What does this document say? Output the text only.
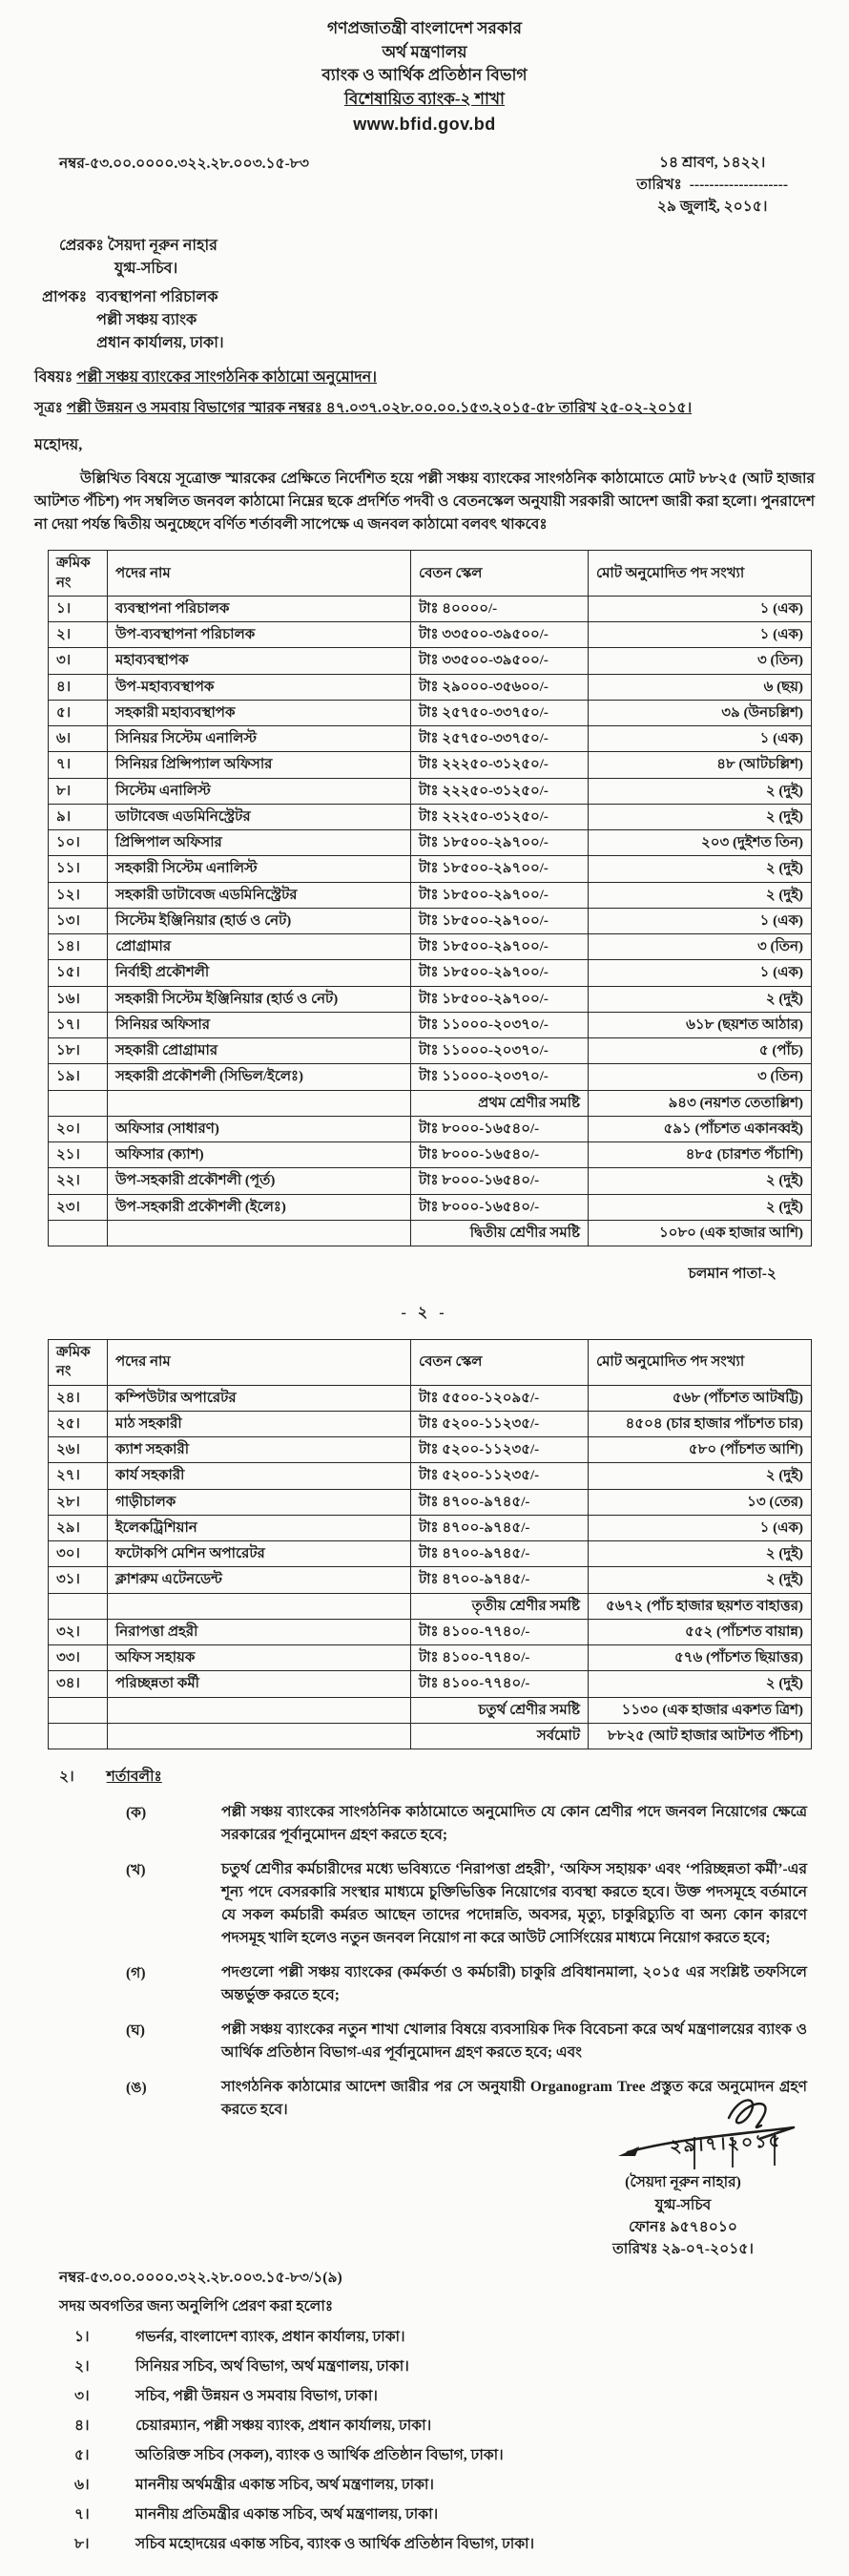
গণপ্রজাতন্ত্রী বাংলাদেশ সরকার
অর্থ মন্ত্রণালয়
ব্যাংক ও আর্থিক প্রতিষ্ঠান বিভাগ
বিশেষায়িত ব্যাংক-২ শাখা
www.bfid.gov.bd
নম্বর-৫৩.০০.০০০০.৩২২.২৮.০০৩.১৫-৮৩	১৪ শ্রাবণ, ১৪২২।
তারিখঃ --------------------
২৯ জুলাই, ২০১৫।
প্রেরকঃ সৈয়দা নূরুন নাহার
যুগ্ম-সচিব।
প্রাপকঃ ব্যবস্থাপনা পরিচালক
পল্লী সঞ্চয় ব্যাংক
প্রধান কার্যালয়, ঢাকা।
বিষয়ঃ পল্লী সঞ্চয় ব্যাংকের সাংগঠনিক কাঠামো অনুমোদন।
সূত্রঃ পল্লী উন্নয়ন ও সমবায় বিভাগের স্মারক নম্বরঃ ৪৭.০৩৭.০২৮.০০.০০.১৫৩.২০১৫-৫৮ তারিখ ২৫-০২-২০১৫।
মহোদয়,
উল্লিখিত বিষয়ে সূত্রোক্ত স্মারকের প্রেক্ষিতে নির্দেশিত হয়ে পল্লী সঞ্চয় ব্যাংকের সাংগঠনিক কাঠামোতে মোট ৮৮২৫ (আট হাজার আটশত পঁচিশ) পদ সম্বলিত জনবল কাঠামো নিম্নের ছকে প্রদর্শিত পদবী ও বেতনস্কেল অনুযায়ী সরকারী আদেশ জারী করা হলো। পুনরাদেশ না দেয়া পর্যন্ত দ্বিতীয় অনুচ্ছেদে বর্ণিত শর্তাবলী সাপেক্ষে এ জনবল কাঠামো বলবৎ থাকবেঃ
ক্রমিক নং	পদের নাম	বেতন স্কেল	মোট অনুমোদিত পদ সংখ্যা
১।	ব্যবস্থাপনা পরিচালক	টাঃ ৪০০০০/-	১ (এক)
২।	উপ-ব্যবস্থাপনা পরিচালক	টাঃ ৩৩৫০০-৩৯৫০০/-	১ (এক)
৩।	মহাব্যবস্থাপক	টাঃ ৩৩৫০০-৩৯৫০০/-	৩ (তিন)
৪।	উপ-মহাব্যবস্থাপক	টাঃ ২৯০০০-৩৫৬০০/-	৬ (ছয়)
৫।	সহকারী মহাব্যবস্থাপক	টাঃ ২৫৭৫০-৩৩৭৫০/-	৩৯ (উনচল্লিশ)
৬।	সিনিয়র সিস্টেম এনালিস্ট	টাঃ ২৫৭৫০-৩৩৭৫০/-	১ (এক)
৭।	সিনিয়র প্রিন্সিপ্যাল অফিসার	টাঃ ২২২৫০-৩১২৫০/-	৪৮ (আটচল্লিশ)
৮।	সিস্টেম এনালিস্ট	টাঃ ২২২৫০-৩১২৫০/-	২ (দুই)
৯।	ডাটাবেজ এডমিনিস্ট্রেটর	টাঃ ২২২৫০-৩১২৫০/-	২ (দুই)
১০।	প্রিন্সিপাল অফিসার	টাঃ ১৮৫০০-২৯৭০০/-	২০৩ (দুইশত তিন)
১১।	সহকারী সিস্টেম এনালিস্ট	টাঃ ১৮৫০০-২৯৭০০/-	২ (দুই)
১২।	সহকারী ডাটাবেজ এডমিনিস্ট্রেটর	টাঃ ১৮৫০০-২৯৭০০/-	২ (দুই)
১৩।	সিস্টেম ইঞ্জিনিয়ার (হার্ড ও নেট)	টাঃ ১৮৫০০-২৯৭০০/-	১ (এক)
১৪।	প্রোগ্রামার	টাঃ ১৮৫০০-২৯৭০০/-	৩ (তিন)
১৫।	নির্বাহী প্রকৌশলী	টাঃ ১৮৫০০-২৯৭০০/-	১ (এক)
১৬।	সহকারী সিস্টেম ইঞ্জিনিয়ার (হার্ড ও নেট)	টাঃ ১৮৫০০-২৯৭০০/-	২ (দুই)
১৭।	সিনিয়র অফিসার	টাঃ ১১০০০-২০৩৭০/-	৬১৮ (ছয়শত আঠার)
১৮।	সহকারী প্রোগ্রামার	টাঃ ১১০০০-২০৩৭০/-	৫ (পাঁচ)
১৯।	সহকারী প্রকৌশলী (সিভিল/ইলেঃ)	টাঃ ১১০০০-২০৩৭০/-	৩ (তিন)
		প্রথম শ্রেণীর সমষ্টি	৯৪৩ (নয়শত তেতাল্লিশ)
২০।	অফিসার (সাধারণ)	টাঃ ৮০০০-১৬৫৪০/-	৫৯১ (পাঁচশত একানব্বই)
২১।	অফিসার (ক্যাশ)	টাঃ ৮০০০-১৬৫৪০/-	৪৮৫ (চারশত পঁচাশি)
২২।	উপ-সহকারী প্রকৌশলী (পূর্ত)	টাঃ ৮০০০-১৬৫৪০/-	২ (দুই)
২৩।	উপ-সহকারী প্রকৌশলী (ইলেঃ)	টাঃ ৮০০০-১৬৫৪০/-	২ (দুই)
		দ্বিতীয় শ্রেণীর সমষ্টি	১০৮০ (এক হাজার আশি)
চলমান পাতা-২
- ২ -
ক্রমিক নং	পদের নাম	বেতন স্কেল	মোট অনুমোদিত পদ সংখ্যা
২৪।	কম্পিউটার অপারেটর	টাঃ ৫৫০০-১২০৯৫/-	৫৬৮ (পাঁচশত আটষট্টি)
২৫।	মাঠ সহকারী	টাঃ ৫২০০-১১২৩৫/-	৪৫০৪ (চার হাজার পাঁচশত চার)
২৬।	ক্যাশ সহকারী	টাঃ ৫২০০-১১২৩৫/-	৫৮০ (পাঁচশত আশি)
২৭।	কার্য সহকারী	টাঃ ৫২০০-১১২৩৫/-	২ (দুই)
২৮।	গাড়ীচালক	টাঃ ৪৭০০-৯৭৪৫/-	১৩ (তের)
২৯।	ইলেকট্রিশিয়ান	টাঃ ৪৭০০-৯৭৪৫/-	১ (এক)
৩০।	ফটোকপি মেশিন অপারেটর	টাঃ ৪৭০০-৯৭৪৫/-	২ (দুই)
৩১।	ক্লাশরুম এটেনডেন্ট	টাঃ ৪৭০০-৯৭৪৫/-	২ (দুই)
		তৃতীয় শ্রেণীর সমষ্টি	৫৬৭২ (পাঁচ হাজার ছয়শত বাহাত্তর)
৩২।	নিরাপত্তা প্রহরী	টাঃ ৪১০০-৭৭৪০/-	৫৫২ (পাঁচশত বায়ান্ন)
৩৩।	অফিস সহায়ক	টাঃ ৪১০০-৭৭৪০/-	৫৭৬ (পাঁচশত ছিয়াত্তর)
৩৪।	পরিচ্ছন্নতা কর্মী	টাঃ ৪১০০-৭৭৪০/-	২ (দুই)
		চতুর্থ শ্রেণীর সমষ্টি	১১৩০ (এক হাজার একশত ত্রিশ)
		সর্বমোট	৮৮২৫ (আট হাজার আটশত পঁচিশ)
২। শর্তাবলীঃ
(ক)	পল্লী সঞ্চয় ব্যাংকের সাংগঠনিক কাঠামোতে অনুমোদিত যে কোন শ্রেণীর পদে জনবল নিয়োগের ক্ষেত্রে সরকারের পূর্বানুমোদন গ্রহণ করতে হবে;
(খ)	চতুর্থ শ্রেণীর কর্মচারীদের মধ্যে ভবিষ্যতে ‘নিরাপত্তা প্রহরী’, ‘অফিস সহায়ক’ এবং ‘পরিচ্ছন্নতা কর্মী’-এর শূন্য পদে বেসরকারি সংস্থার মাধ্যমে চুক্তিভিত্তিক নিয়োগের ব্যবস্থা করতে হবে। উক্ত পদসমূহে বর্তমানে যে সকল কর্মচারী কর্মরত আছেন তাদের পদোন্নতি, অবসর, মৃত্যু, চাকুরিচ্যুতি বা অন্য কোন কারণে পদসমূহ খালি হলেও নতুন জনবল নিয়োগ না করে আউট সোর্সিংয়ের মাধ্যমে নিয়োগ করতে হবে;
(গ)	পদগুলো পল্লী সঞ্চয় ব্যাংকের (কর্মকর্তা ও কর্মচারী) চাকুরি প্রবিধানমালা, ২০১৫ এর সংশ্লিষ্ট তফসিলে অন্তর্ভুক্ত করতে হবে;
(ঘ)	পল্লী সঞ্চয় ব্যাংকের নতুন শাখা খোলার বিষয়ে ব্যবসায়িক দিক বিবেচনা করে অর্থ মন্ত্রণালয়ের ব্যাংক ও আর্থিক প্রতিষ্ঠান বিভাগ-এর পূর্বানুমোদন গ্রহণ করতে হবে; এবং
(ঙ)	সাংগঠনিক কাঠামোর আদেশ জারীর পর সে অনুযায়ী Organogram Tree প্রস্তুত করে অনুমোদন গ্রহণ করতে হবে।
২৯।৭।২০১৫
(সৈয়দা নূরুন নাহার)
যুগ্ম-সচিব
ফোনঃ ৯৫৭৪০১০
তারিখঃ ২৯-০৭-২০১৫।
নম্বর-৫৩.০০.০০০০.৩২২.২৮.০০৩.১৫-৮৩/১(৯)
সদয় অবগতির জন্য অনুলিপি প্রেরণ করা হলোঃ
১।	গভর্নর, বাংলাদেশ ব্যাংক, প্রধান কার্যালয়, ঢাকা।
২।	সিনিয়র সচিব, অর্থ বিভাগ, অর্থ মন্ত্রণালয়, ঢাকা।
৩।	সচিব, পল্লী উন্নয়ন ও সমবায় বিভাগ, ঢাকা।
৪।	চেয়ারম্যান, পল্লী সঞ্চয় ব্যাংক, প্রধান কার্যালয়, ঢাকা।
৫।	অতিরিক্ত সচিব (সকল), ব্যাংক ও আর্থিক প্রতিষ্ঠান বিভাগ, ঢাকা।
৬।	মাননীয় অর্থমন্ত্রীর একান্ত সচিব, অর্থ মন্ত্রণালয়, ঢাকা।
৭।	মাননীয় প্রতিমন্ত্রীর একান্ত সচিব, অর্থ মন্ত্রণালয়, ঢাকা।
৮।	সচিব মহোদয়ের একান্ত সচিব, ব্যাংক ও আর্থিক প্রতিষ্ঠান বিভাগ, ঢাকা।
